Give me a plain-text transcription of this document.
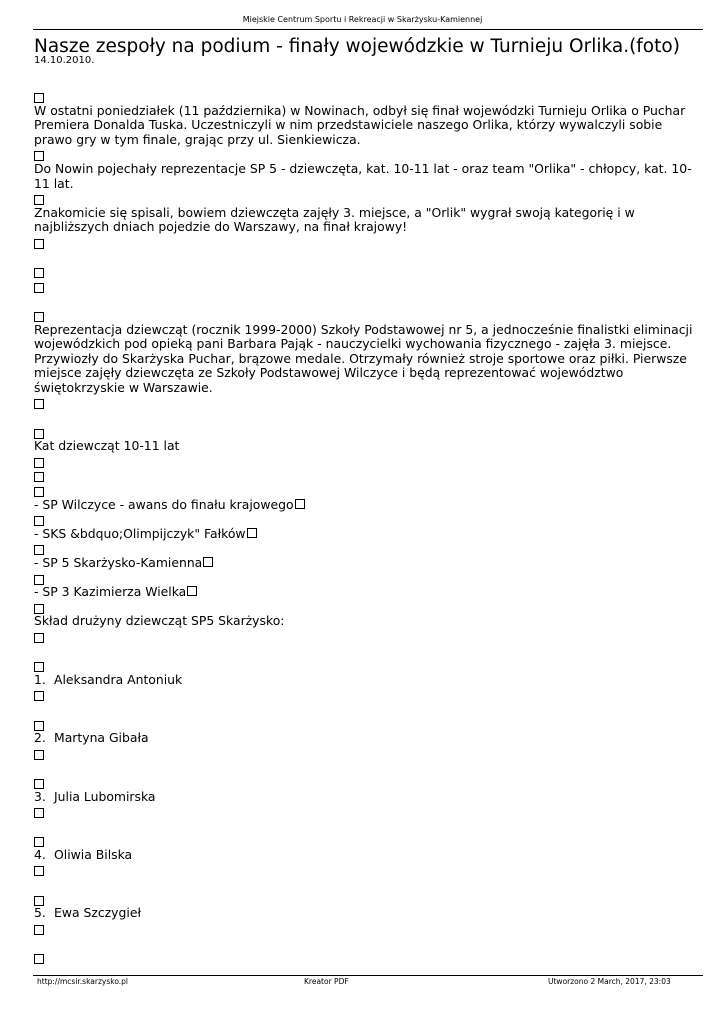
Miejskie Centrum Sportu i Rekreacji w Skarżysku-Kamiennej
Nasze zespoły na podium - finały wojewódzkie w Turnieju Orlika.(foto)
14.10.2010.

W ostatni poniedziałek (11 października) w Nowinach, odbył się finał wojewódzki Turnieju Orlika o Puchar Premiera Donalda Tuska. Uczestniczyli w nim przedstawiciele naszego Orlika, którzy wywalczyli sobie prawo gry w tym finale, grając przy ul. Sienkiewicza.

Do Nowin pojechały reprezentacje SP 5 - dziewczęta, kat. 10-11 lat - oraz team "Orlika" - chłopcy, kat. 10-11 lat.

Znakomicie się spisali, bowiem dziewczęta zajęły 3. miejsce, a "Orlik" wygrał swoją kategorię i w najbliższych dniach pojedzie do Warszawy, na finał krajowy!

Reprezentacja dziewcząt (rocznik 1999-2000) Szkoły Podstawowej nr 5, a jednocześnie finalistki eliminacji wojewódzkich pod opieką pani Barbara Pająk - nauczycielki wychowania fizycznego - zajęła 3. miejsce. Przywiozły do Skarżyska Puchar, brązowe medale. Otrzymały również stroje sportowe oraz piłki. Pierwsze miejsce zajęły dziewczęta ze Szkoły Podstawowej Wilczyce i będą reprezentować województwo świętokrzyskie w Warszawie.

Kat dziewcząt 10-11 lat
- SP Wilczyce - awans do finału krajowego
- SKS &bdquo;Olimpijczyk" Fałków
- SP 5 Skarżysko-Kamienna
- SP 3 Kazimierza Wielka
Skład drużyny dziewcząt SP5 Skarżysko:
1. Aleksandra Antoniuk
2. Martyna Gibała
3. Julia Lubomirska
4. Oliwia Bilska
5. Ewa Szczygieł
http://mcsir.skarzysko.pl	Kreator PDF	Utworzono 2 March, 2017, 23:03
